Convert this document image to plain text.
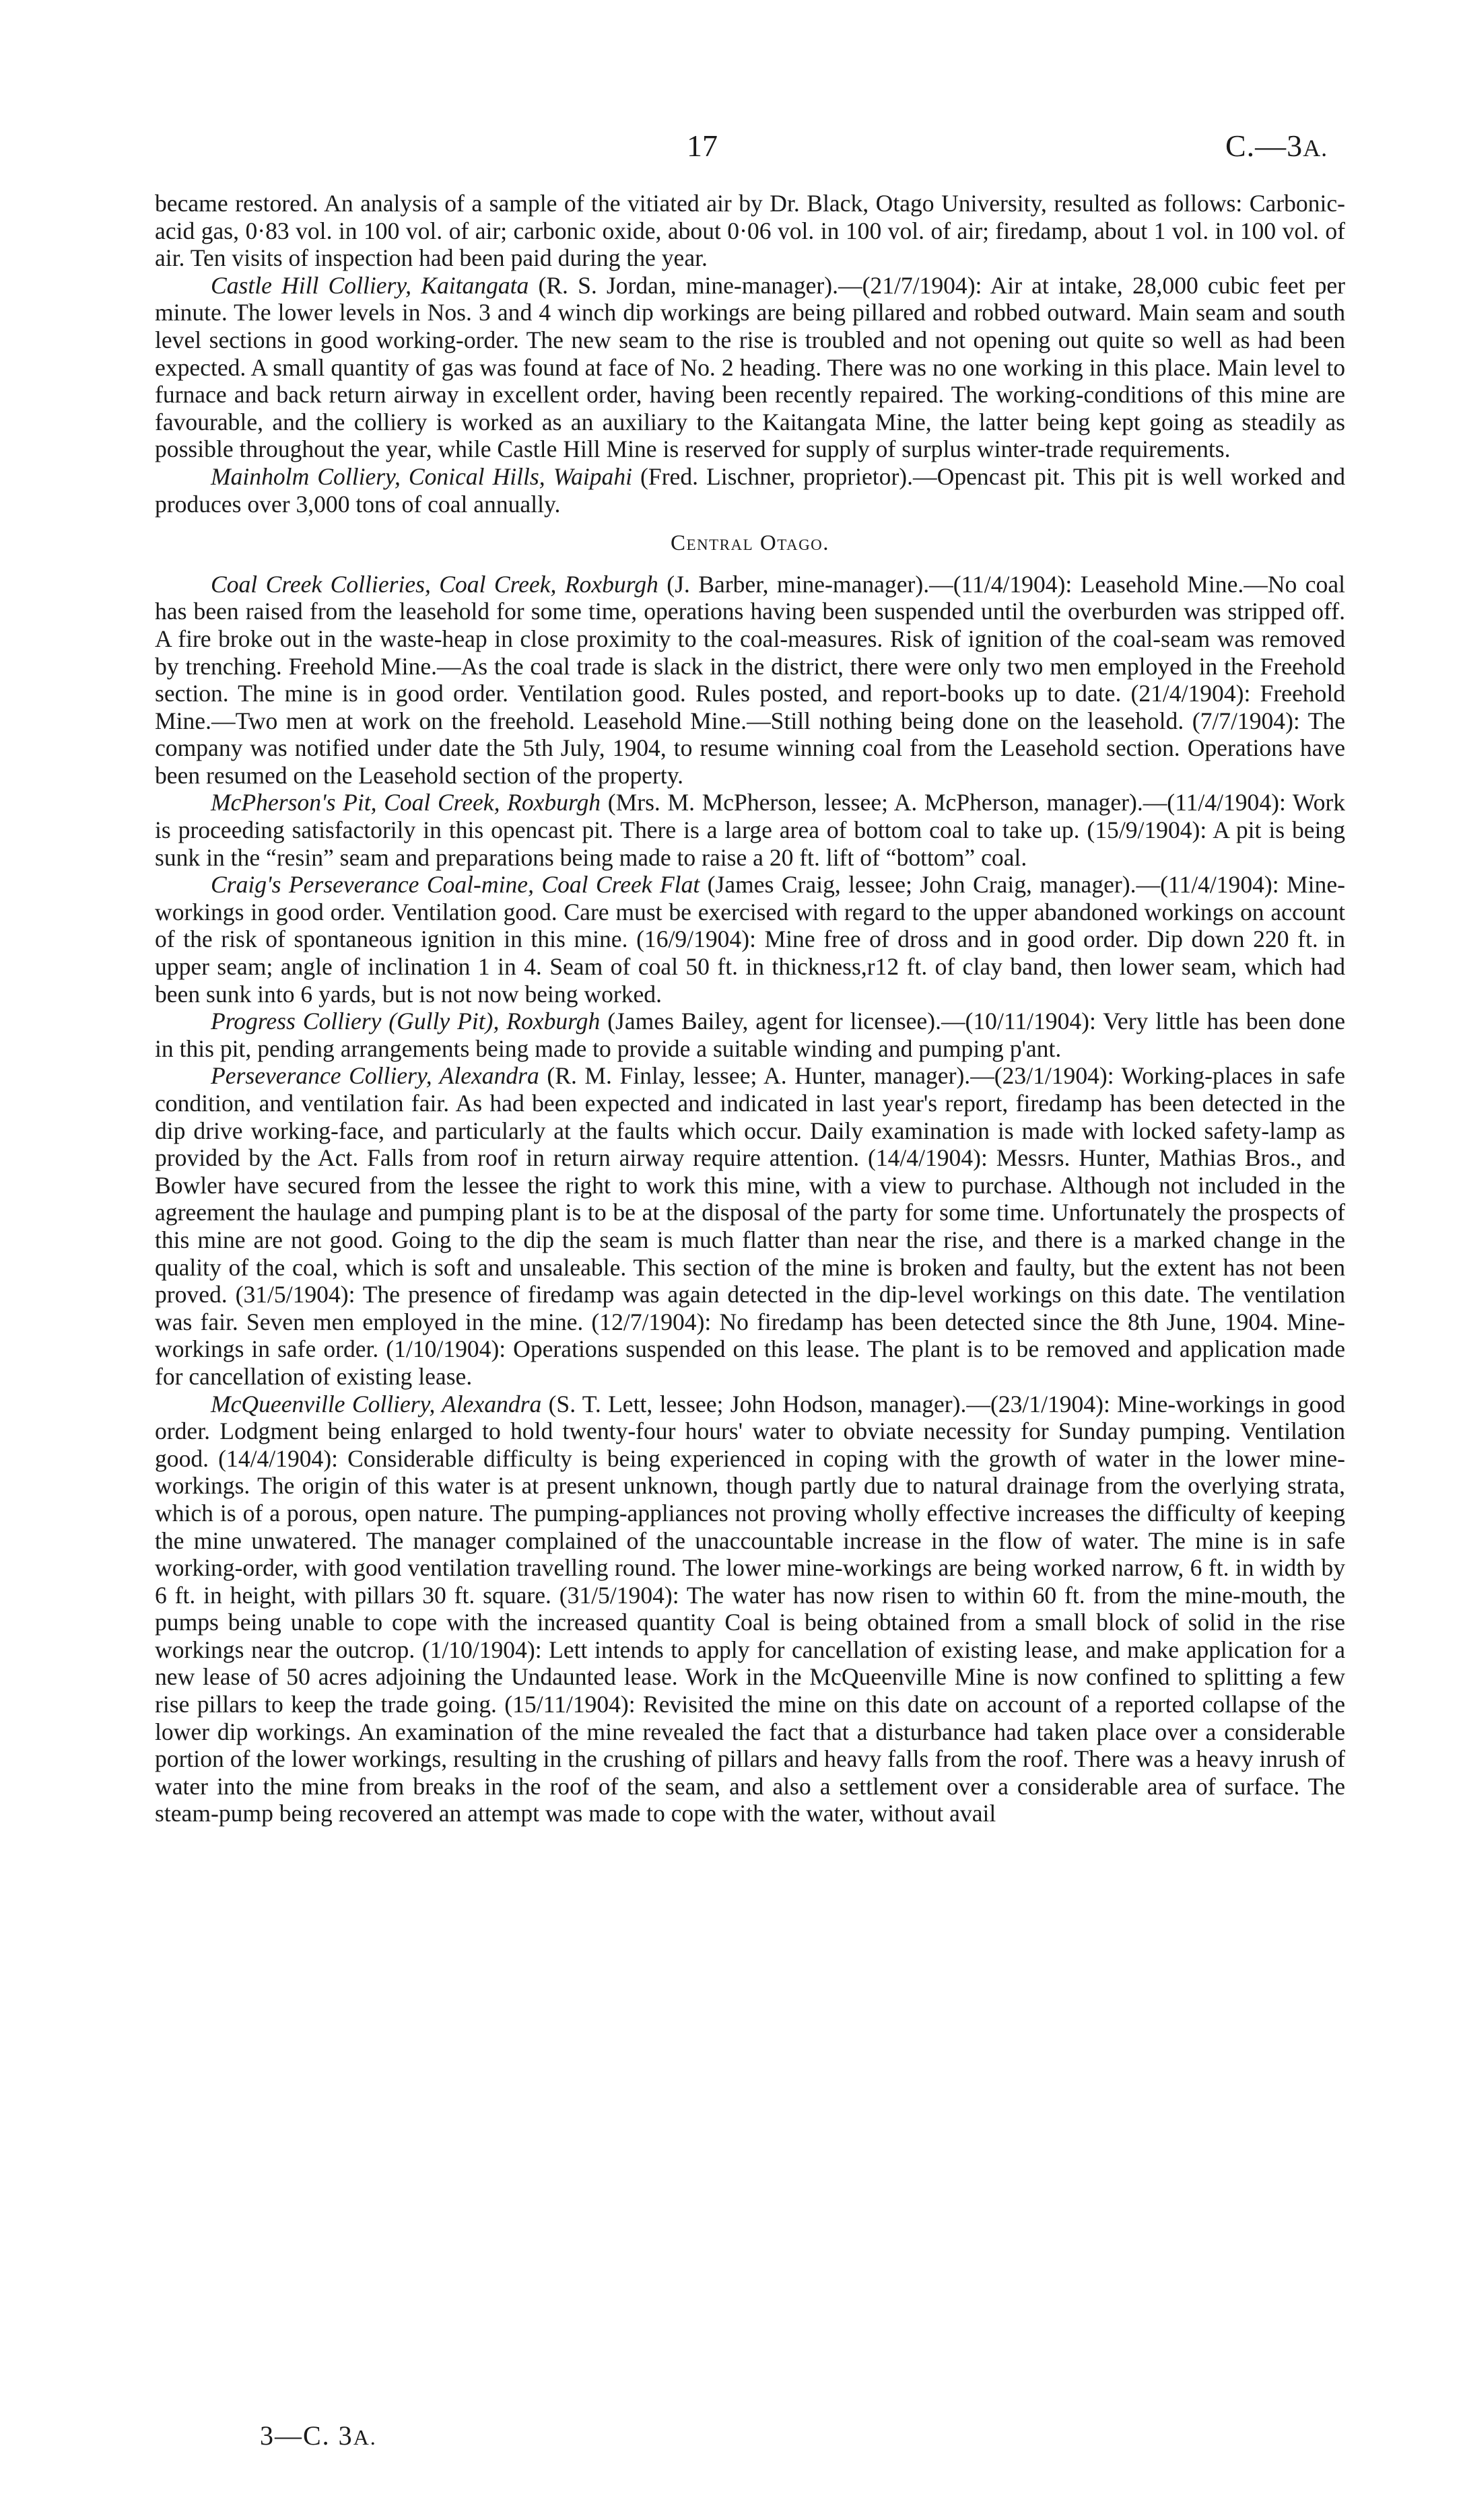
17	C.—3A.

became restored. An analysis of a sample of the vitiated air by Dr. Black, Otago University, resulted as follows: Carbonic-acid gas, 0·83 vol. in 100 vol. of air; carbonic oxide, about 0·06 vol. in 100 vol. of air; firedamp, about 1 vol. in 100 vol. of air. Ten visits of inspection had been paid during the year.

Castle Hill Colliery, Kaitangata (R. S. Jordan, mine-manager).—(21/7/1904): Air at intake, 28,000 cubic feet per minute. The lower levels in Nos. 3 and 4 winch dip workings are being pillared and robbed outward. Main seam and south level sections in good working-order. The new seam to the rise is troubled and not opening out quite so well as had been expected. A small quantity of gas was found at face of No. 2 heading. There was no one working in this place. Main level to furnace and back return airway in excellent order, having been recently repaired. The working-conditions of this mine are favourable, and the colliery is worked as an auxiliary to the Kaitangata Mine, the latter being kept going as steadily as possible throughout the year, while Castle Hill Mine is reserved for supply of surplus winter-trade requirements.

Mainholm Colliery, Conical Hills, Waipahi (Fred. Lischner, proprietor).—Opencast pit. This pit is well worked and produces over 3,000 tons of coal annually.

Central Otago.

Coal Creek Collieries, Coal Creek, Roxburgh (J. Barber, mine-manager).—(11/4/1904): Leasehold Mine.—No coal has been raised from the leasehold for some time, operations having been suspended until the overburden was stripped off. A fire broke out in the waste-heap in close proximity to the coal-measures. Risk of ignition of the coal-seam was removed by trenching. Freehold Mine.—As the coal trade is slack in the district, there were only two men employed in the Freehold section. The mine is in good order. Ventilation good. Rules posted, and report-books up to date. (21/4/1904): Freehold Mine.—Two men at work on the freehold. Leasehold Mine.—Still nothing being done on the leasehold. (7/7/1904): The company was notified under date the 5th July, 1904, to resume winning coal from the Leasehold section. Operations have been resumed on the Leasehold section of the property.

McPherson's Pit, Coal Creek, Roxburgh (Mrs. M. McPherson, lessee; A. McPherson, manager).—(11/4/1904): Work is proceeding satisfactorily in this opencast pit. There is a large area of bottom coal to take up. (15/9/1904): A pit is being sunk in the “resin” seam and preparations being made to raise a 20 ft. lift of “bottom” coal.

Craig's Perseverance Coal-mine, Coal Creek Flat (James Craig, lessee; John Craig, manager).—(11/4/1904): Mine-workings in good order. Ventilation good. Care must be exercised with regard to the upper abandoned workings on account of the risk of spontaneous ignition in this mine. (16/9/1904): Mine free of dross and in good order. Dip down 220 ft. in upper seam; angle of inclination 1 in 4. Seam of coal 50 ft. in thickness,r12 ft. of clay band, then lower seam, which had been sunk into 6 yards, but is not now being worked.

Progress Colliery (Gully Pit), Roxburgh (James Bailey, agent for licensee).—(10/11/1904): Very little has been done in this pit, pending arrangements being made to provide a suitable winding and pumping p'ant.

Perseverance Colliery, Alexandra (R. M. Finlay, lessee; A. Hunter, manager).—(23/1/1904): Working-places in safe condition, and ventilation fair. As had been expected and indicated in last year's report, firedamp has been detected in the dip drive working-face, and particularly at the faults which occur. Daily examination is made with locked safety-lamp as provided by the Act. Falls from roof in return airway require attention. (14/4/1904): Messrs. Hunter, Mathias Bros., and Bowler have secured from the lessee the right to work this mine, with a view to purchase. Although not included in the agreement the haulage and pumping plant is to be at the disposal of the party for some time. Unfortunately the prospects of this mine are not good. Going to the dip the seam is much flatter than near the rise, and there is a marked change in the quality of the coal, which is soft and unsaleable. This section of the mine is broken and faulty, but the extent has not been proved. (31/5/1904): The presence of firedamp was again detected in the dip-level workings on this date. The ventilation was fair. Seven men employed in the mine. (12/7/1904): No firedamp has been detected since the 8th June, 1904. Mine-workings in safe order. (1/10/1904): Operations suspended on this lease. The plant is to be removed and application made for cancellation of existing lease.

McQueenville Colliery, Alexandra (S. T. Lett, lessee; John Hodson, manager).—(23/1/1904): Mine-workings in good order. Lodgment being enlarged to hold twenty-four hours' water to obviate necessity for Sunday pumping. Ventilation good. (14/4/1904): Considerable difficulty is being experienced in coping with the growth of water in the lower mine-workings. The origin of this water is at present unknown, though partly due to natural drainage from the overlying strata, which is of a porous, open nature. The pumping-appliances not proving wholly effective increases the difficulty of keeping the mine unwatered. The manager complained of the unaccountable increase in the flow of water. The mine is in safe working-order, with good ventilation travelling round. The lower mine-workings are being worked narrow, 6 ft. in width by 6 ft. in height, with pillars 30 ft. square. (31/5/1904): The water has now risen to within 60 ft. from the mine-mouth, the pumps being unable to cope with the increased quantity Coal is being obtained from a small block of solid in the rise workings near the outcrop. (1/10/1904): Lett intends to apply for cancellation of existing lease, and make application for a new lease of 50 acres adjoining the Undaunted lease. Work in the McQueenville Mine is now confined to splitting a few rise pillars to keep the trade going. (15/11/1904): Revisited the mine on this date on account of a reported collapse of the lower dip workings. An examination of the mine revealed the fact that a disturbance had taken place over a considerable portion of the lower workings, resulting in the crushing of pillars and heavy falls from the roof. There was a heavy inrush of water into the mine from breaks in the roof of the seam, and also a settlement over a considerable area of surface. The steam-pump being recovered an attempt was made to cope with the water, without avail

3—C. 3A.
